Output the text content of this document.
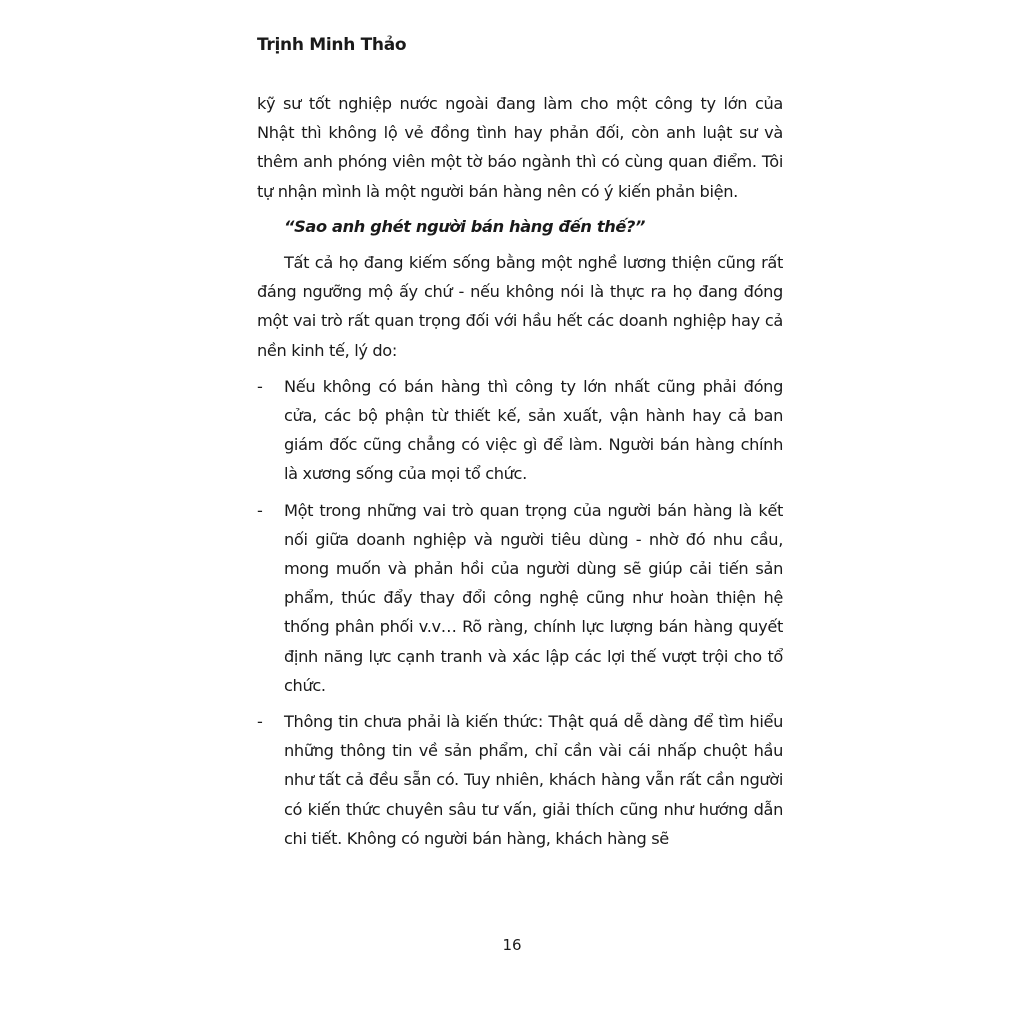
Trịnh Minh Thảo

kỹ sư tốt nghiệp nước ngoài đang làm cho một công ty lớn của Nhật thì không lộ vẻ đồng tình hay phản đối, còn anh luật sư và thêm anh phóng viên một tờ báo ngành thì có cùng quan điểm. Tôi tự nhận mình là một người bán hàng nên có ý kiến phản biện.

“Sao anh ghét người bán hàng đến thế?”

Tất cả họ đang kiếm sống bằng một nghề lương thiện cũng rất đáng ngưỡng mộ ấy chứ - nếu không nói là thực ra họ đang đóng một vai trò rất quan trọng đối với hầu hết các doanh nghiệp hay cả nền kinh tế, lý do:

- Nếu không có bán hàng thì công ty lớn nhất cũng phải đóng cửa, các bộ phận từ thiết kế, sản xuất, vận hành hay cả ban giám đốc cũng chẳng có việc gì để làm. Người bán hàng chính là xương sống của mọi tổ chức.
- Một trong những vai trò quan trọng của người bán hàng là kết nối giữa doanh nghiệp và người tiêu dùng - nhờ đó nhu cầu, mong muốn và phản hồi của người dùng sẽ giúp cải tiến sản phẩm, thúc đẩy thay đổi công nghệ cũng như hoàn thiện hệ thống phân phối v.v… Rõ ràng, chính lực lượng bán hàng quyết định năng lực cạnh tranh và xác lập các lợi thế vượt trội cho tổ chức.
- Thông tin chưa phải là kiến thức: Thật quá dễ dàng để tìm hiểu những thông tin về sản phẩm, chỉ cần vài cái nhấp chuột hầu như tất cả đều sẵn có. Tuy nhiên, khách hàng vẫn rất cần người có kiến thức chuyên sâu tư vấn, giải thích cũng như hướng dẫn chi tiết. Không có người bán hàng, khách hàng sẽ
16
